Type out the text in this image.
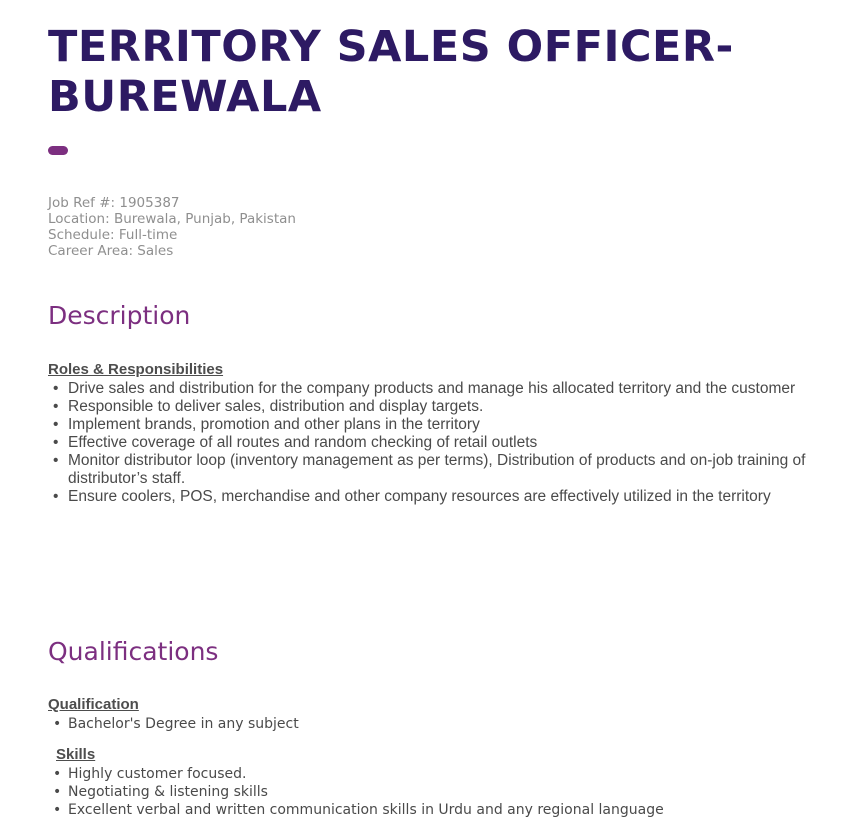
TERRITORY SALES OFFICER-BUREWALA
Job Ref #: 1905387
Location: Burewala, Punjab, Pakistan
Schedule: Full-time
Career Area: Sales
Description
Roles & Responsibilities
• Drive sales and distribution for the company products and manage his allocated territory and the customer
• Responsible to deliver sales, distribution and display targets.
• Implement brands, promotion and other plans in the territory
• Effective coverage of all routes and random checking of retail outlets
• Monitor distributor loop (inventory management as per terms), Distribution of products and on-job training of distributor’s staff.
• Ensure coolers, POS, merchandise and other company resources are effectively utilized in the territory
Qualifications
Qualification
• Bachelor's Degree in any subject
Skills
• Highly customer focused.
• Negotiating & listening skills
• Excellent verbal and written communication skills in Urdu and any regional language
